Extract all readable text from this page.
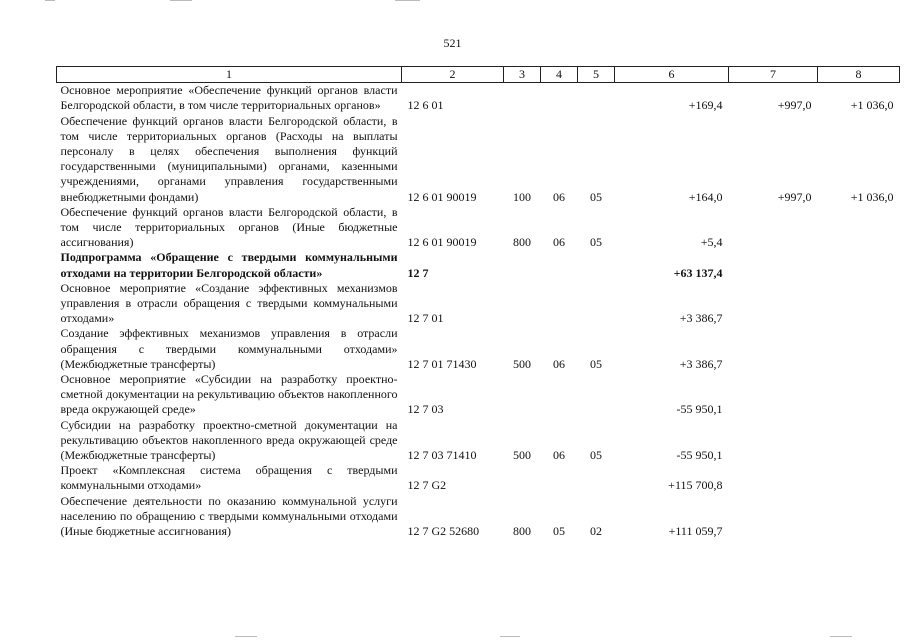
521
1	2	3	4	5	6	7	8
Основное мероприятие «Обеспечение функций органов власти Белгородской области, в том числе территориальных органов»	12 6 01				+169,4	+997,0	+1 036,0
Обеспечение функций органов власти Белгородской области, в том числе территориальных органов (Расходы на выплаты персоналу в целях обеспечения выполнения функций государственными (муниципальными) органами, казенными учреждениями, органами управления государственными внебюджетными фондами)	12 6 01 90019	100	06	05	+164,0	+997,0	+1 036,0
Обеспечение функций органов власти Белгородской области, в том числе территориальных органов (Иные бюджетные ассигнования)	12 6 01 90019	800	06	05	+5,4		
Подпрограмма «Обращение с твердыми коммунальными отходами на территории Белгородской области»	12 7				+63 137,4		
Основное мероприятие «Создание эффективных механизмов управления в отрасли обращения с твердыми коммунальными отходами»	12 7 01				+3 386,7		
Создание эффективных механизмов управления в отрасли обращения с твердыми коммунальными отходами» (Межбюджетные трансферты)	12 7 01 71430	500	06	05	+3 386,7		
Основное мероприятие «Субсидии на разработку проектно-сметной документации на рекультивацию объектов накопленного вреда окружающей среде»	12 7 03				-55 950,1		
Субсидии на разработку проектно-сметной документации на рекультивацию объектов накопленного вреда окружающей среде (Межбюджетные трансферты)	12 7 03 71410	500	06	05	-55 950,1		
Проект «Комплексная система обращения с твердыми коммунальными отходами»	12 7 G2				+115 700,8		
Обеспечение деятельности по оказанию коммунальной услуги населению по обращению с твердыми коммунальными отходами (Иные бюджетные ассигнования)	12 7 G2 52680	800	05	02	+111 059,7		
